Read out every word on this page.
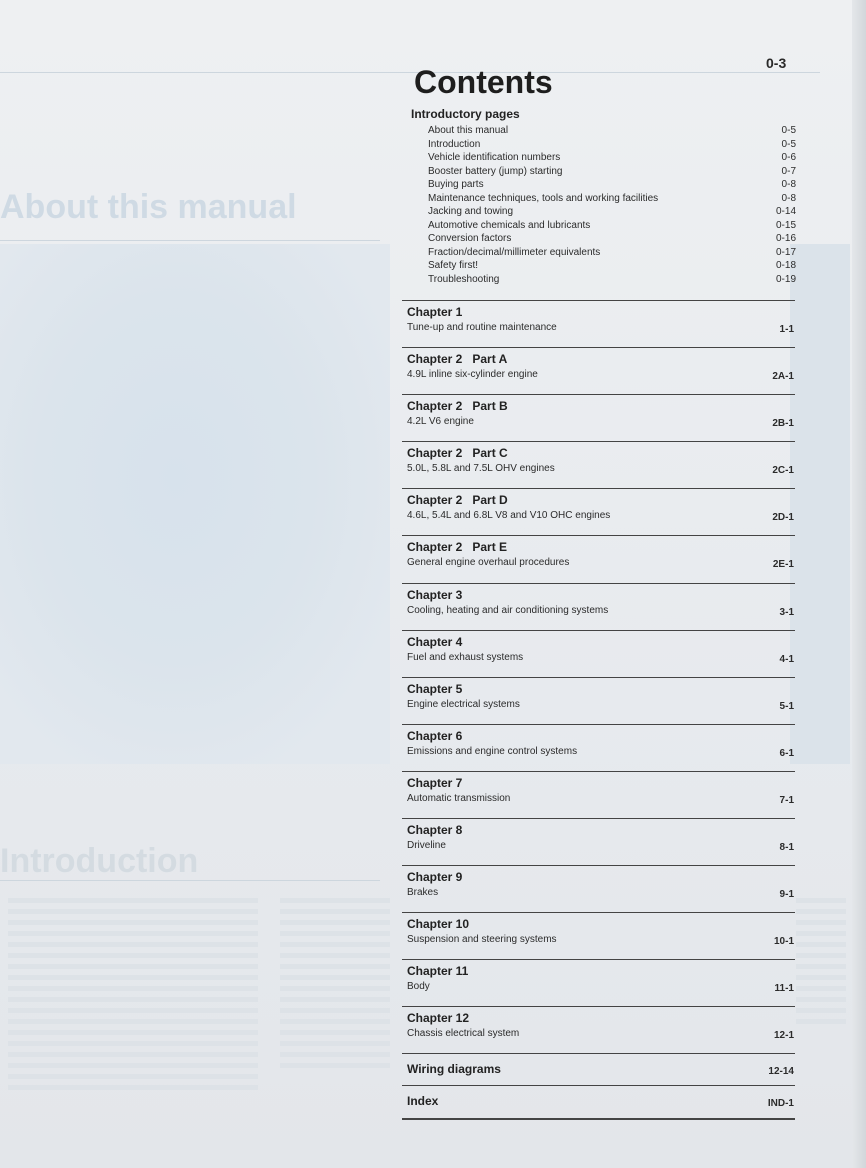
About this manual
Introduction
0-3
Contents
Introductory pages
About this manual	0-5
Introduction	0-5
Vehicle identification numbers	0-6
Booster battery (jump) starting	0-7
Buying parts	0-8
Maintenance techniques, tools and working facilities	0-8
Jacking and towing	0-14
Automotive chemicals and lubricants	0-15
Conversion factors	0-16
Fraction/decimal/millimeter equivalents	0-17
Safety first!	0-18
Troubleshooting	0-19
Chapter 1
Tune-up and routine maintenance	1-1
Chapter 2 Part A
4.9L inline six-cylinder engine	2A-1
Chapter 2 Part B
4.2L V6 engine	2B-1
Chapter 2 Part C
5.0L, 5.8L and 7.5L OHV engines	2C-1
Chapter 2 Part D
4.6L, 5.4L and 6.8L V8 and V10 OHC engines	2D-1
Chapter 2 Part E
General engine overhaul procedures	2E-1
Chapter 3
Cooling, heating and air conditioning systems	3-1
Chapter 4
Fuel and exhaust systems	4-1
Chapter 5
Engine electrical systems	5-1
Chapter 6
Emissions and engine control systems	6-1
Chapter 7
Automatic transmission	7-1
Chapter 8
Driveline	8-1
Chapter 9
Brakes	9-1
Chapter 10
Suspension and steering systems	10-1
Chapter 11
Body	11-1
Chapter 12
Chassis electrical system	12-1
Wiring diagrams	12-14
Index	IND-1
